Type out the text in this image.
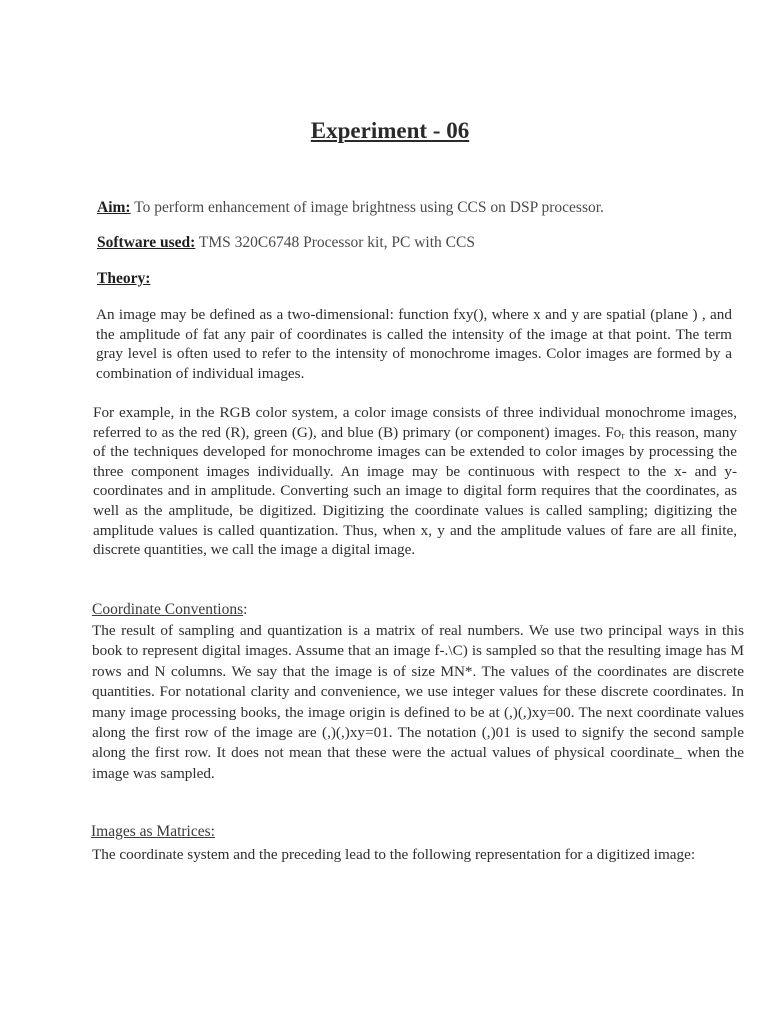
Experiment - 06
Aim: To perform enhancement of image brightness using CCS on DSP processor.
Software used: TMS 320C6748 Processor kit, PC with CCS
Theory:

An image may be defined as a two-dimensional: function fxy(), where x and y are spatial (plane ) , and the amplitude of fat any pair of coordinates is called the intensity of the image at that point. The term gray level is often used to refer to the intensity of monochrome images. Color images are formed by a combination of individual images.

For example, in the RGB color system, a color image consists of three individual monochrome images, referred to as the red (R), green (G), and blue (B) primary (or component) images. Foᵣ this reason, many of the techniques developed for monochrome images can be extended to color images by processing the three component images individually. An image may be continuous with respect to the x- and y-coordinates and in amplitude. Converting such an image to digital form requires that the coordinates, as well as the amplitude, be digitized. Digitizing the coordinate values is called sampling; digitizing the amplitude values is called quantization. Thus, when x, y and the amplitude values of fare are all finite, discrete quantities, we call the image a digital image.

Coordinate Conventions:

The result of sampling and quantization is a matrix of real numbers. We use two principal ways in this book to represent digital images. Assume that an image f-.\C) is sampled so that the resulting image has M rows and N columns. We say that the image is of size MN*. The values of the coordinates are discrete quantities. For notational clarity and convenience, we use integer values for these discrete coordinates. In many image processing books, the image origin is defined to be at (,)(,)xy=00. The next coordinate values along the first row of the image are (,)(,)xy=01. The notation (,)01 is used to signify the second sample along the first row. It does not mean that these were the actual values of physical coordinate_ when the image was sampled.

Images as Matrices:

The coordinate system and the preceding lead to the following representation for a digitized image:
